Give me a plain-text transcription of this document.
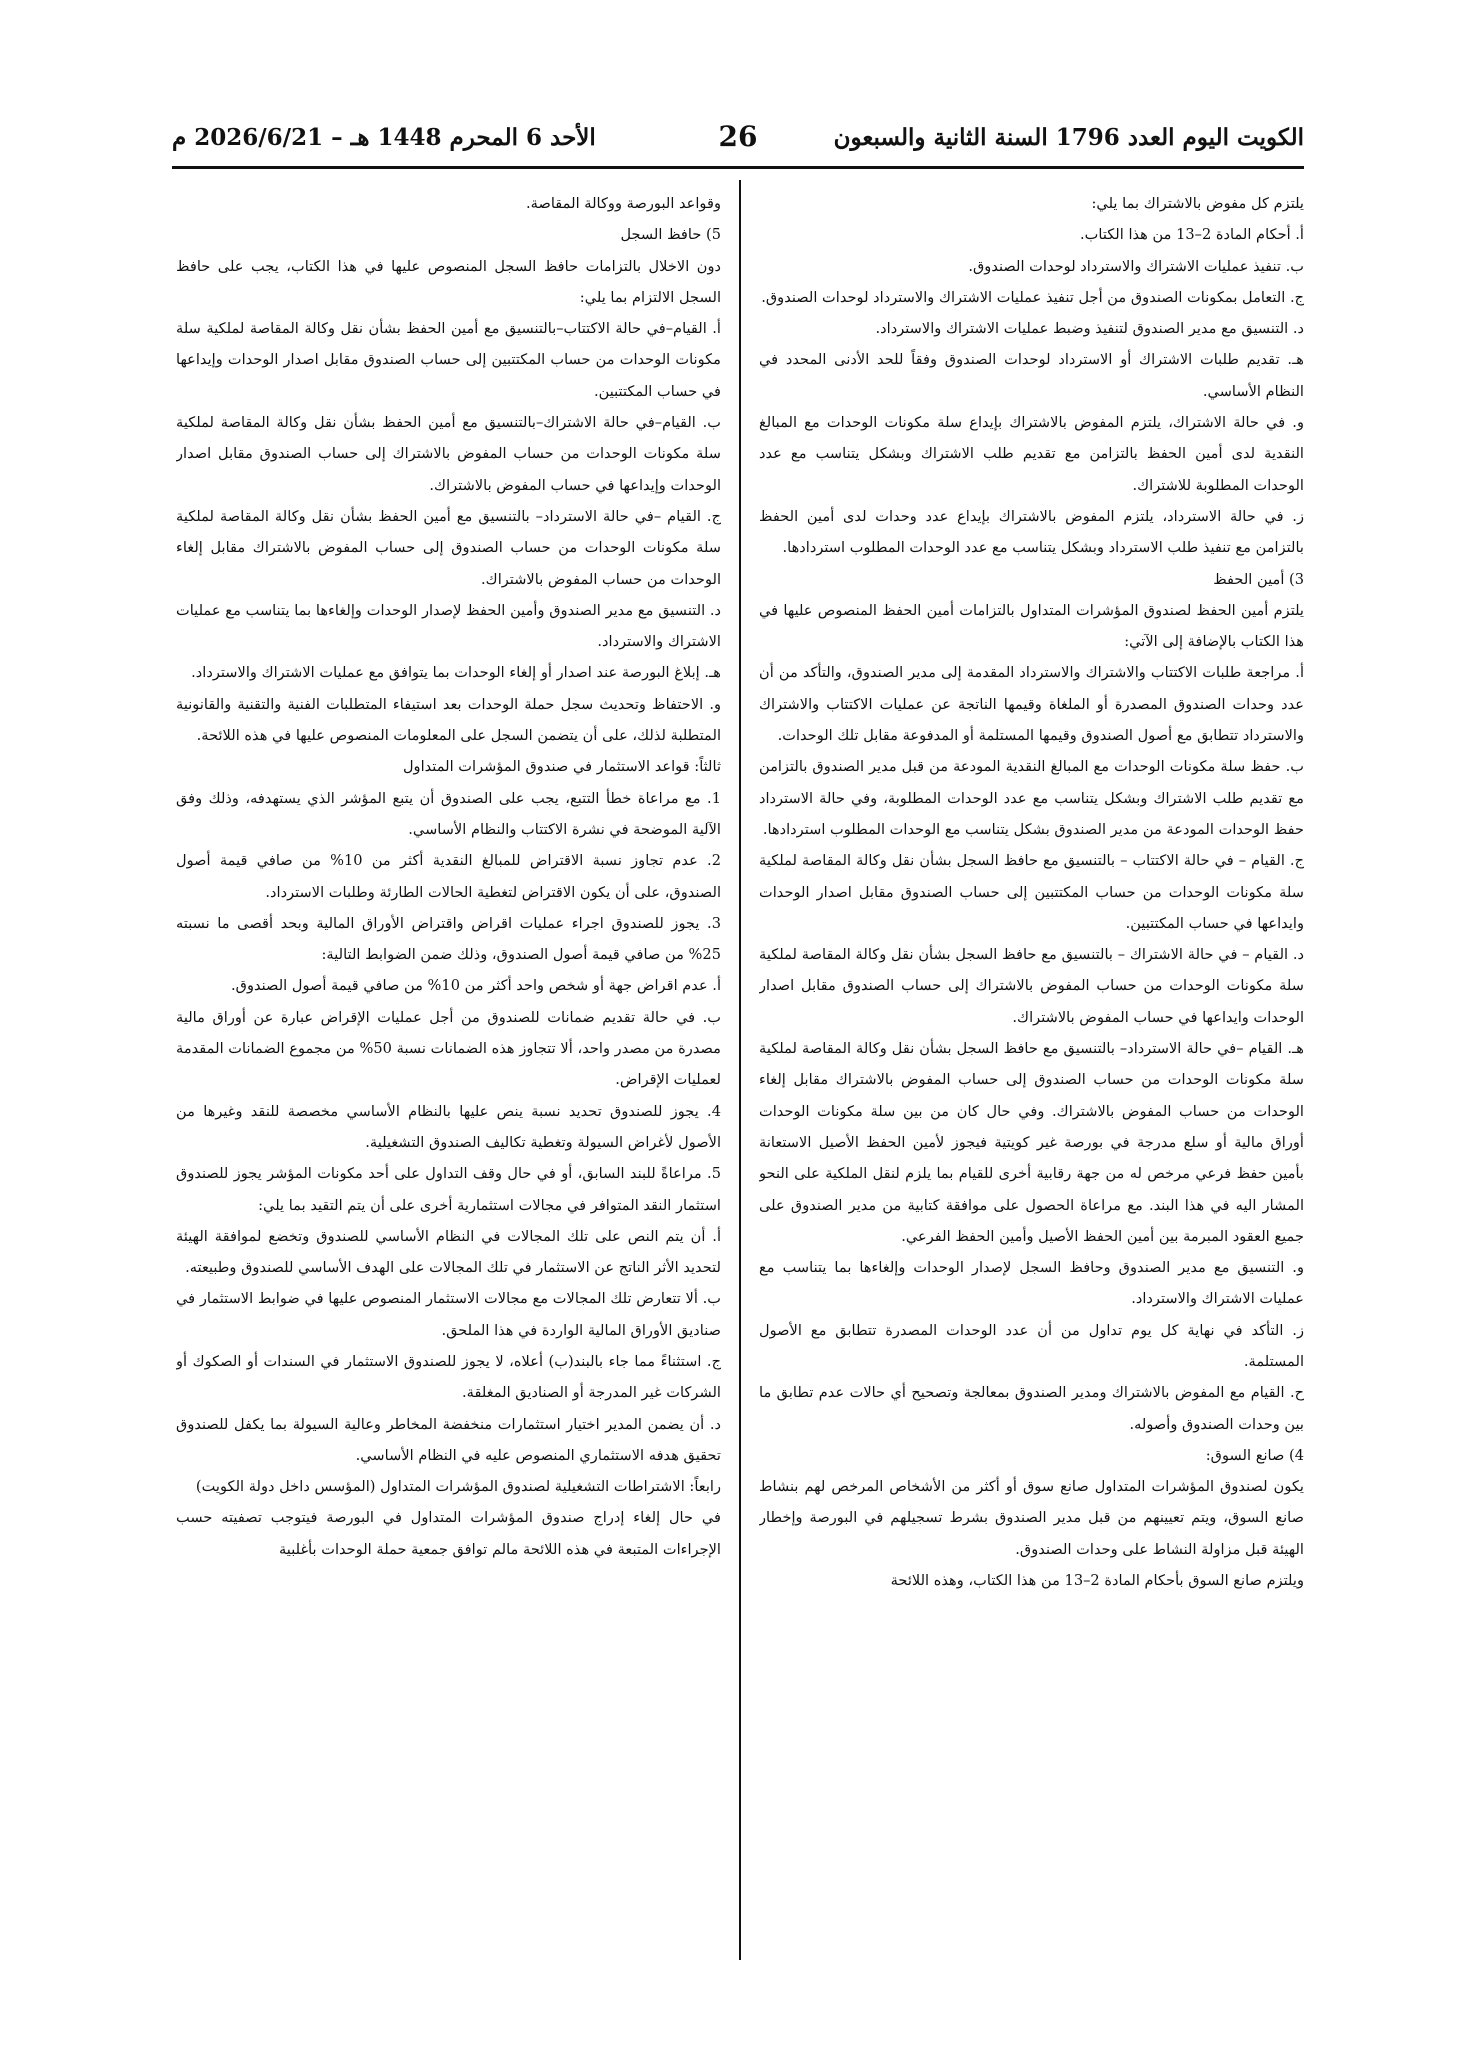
الكويت اليوم العدد 1796 السنة الثانية والسبعون
26
الأحد 6 المحرم 1448 هـ – 2026/6/21 م

يلتزم كل مفوض بالاشتراك بما يلي:

أ. أحكام المادة 2–13 من هذا الكتاب.

ب. تنفيذ عمليات الاشتراك والاسترداد لوحدات الصندوق.

ج. التعامل بمكونات الصندوق من أجل تنفيذ عمليات الاشتراك والاسترداد لوحدات الصندوق.

د. التنسيق مع مدير الصندوق لتنفيذ وضبط عمليات الاشتراك والاسترداد.

هـ. تقديم طلبات الاشتراك أو الاسترداد لوحدات الصندوق وفقاً للحد الأدنى المحدد في النظام الأساسي.

و. في حالة الاشتراك، يلتزم المفوض بالاشتراك بإيداع سلة مكونات الوحدات مع المبالغ النقدية لدى أمين الحفظ بالتزامن مع تقديم طلب الاشتراك وبشكل يتناسب مع عدد الوحدات المطلوبة للاشتراك.

ز. في حالة الاسترداد، يلتزم المفوض بالاشتراك بإيداع عدد وحدات لدى أمين الحفظ بالتزامن مع تنفيذ طلب الاسترداد وبشكل يتناسب مع عدد الوحدات المطلوب استردادها.

3) أمين الحفظ

يلتزم أمين الحفظ لصندوق المؤشرات المتداول بالتزامات أمين الحفظ المنصوص عليها في هذا الكتاب بالإضافة إلى الآتي:

أ. مراجعة طلبات الاكتتاب والاشتراك والاسترداد المقدمة إلى مدير الصندوق، والتأكد من أن عدد وحدات الصندوق المصدرة أو الملغاة وقيمها الناتجة عن عمليات الاكتتاب والاشتراك والاسترداد تتطابق مع أصول الصندوق وقيمها المستلمة أو المدفوعة مقابل تلك الوحدات.

ب. حفظ سلة مكونات الوحدات مع المبالغ النقدية المودعة من قبل مدير الصندوق بالتزامن مع تقديم طلب الاشتراك وبشكل يتناسب مع عدد الوحدات المطلوبة، وفي حالة الاسترداد حفظ الوحدات المودعة من مدير الصندوق بشكل يتناسب مع الوحدات المطلوب استردادها.

ج. القيام – في حالة الاكتتاب – بالتنسيق مع حافظ السجل بشأن نقل وكالة المقاصة لملكية سلة مكونات الوحدات من حساب المكتتبين إلى حساب الصندوق مقابل اصدار الوحدات وايداعها في حساب المكتتبين.

د. القيام – في حالة الاشتراك – بالتنسيق مع حافظ السجل بشأن نقل وكالة المقاصة لملكية سلة مكونات الوحدات من حساب المفوض بالاشتراك إلى حساب الصندوق مقابل اصدار الوحدات وايداعها في حساب المفوض بالاشتراك.

هـ. القيام –في حالة الاسترداد– بالتنسيق مع حافظ السجل بشأن نقل وكالة المقاصة لملكية سلة مكونات الوحدات من حساب الصندوق إلى حساب المفوض بالاشتراك مقابل إلغاء الوحدات من حساب المفوض بالاشتراك. وفي حال كان من بين سلة مكونات الوحدات أوراق مالية أو سلع مدرجة في بورصة غير كويتية فيجوز لأمين الحفظ الأصيل الاستعانة بأمين حفظ فرعي مرخص له من جهة رقابية أخرى للقيام بما يلزم لنقل الملكية على النحو المشار اليه في هذا البند. مع مراعاة الحصول على موافقة كتابية من مدير الصندوق على جميع العقود المبرمة بين أمين الحفظ الأصيل وأمين الحفظ الفرعي.

و. التنسيق مع مدير الصندوق وحافظ السجل لإصدار الوحدات وإلغاءها بما يتناسب مع عمليات الاشتراك والاسترداد.

ز. التأكد في نهاية كل يوم تداول من أن عدد الوحدات المصدرة تتطابق مع الأصول المستلمة.

ح. القيام مع المفوض بالاشتراك ومدير الصندوق بمعالجة وتصحيح أي حالات عدم تطابق ما بين وحدات الصندوق وأصوله.

4) صانع السوق:

يكون لصندوق المؤشرات المتداول صانع سوق أو أكثر من الأشخاص المرخص لهم بنشاط صانع السوق، ويتم تعيينهم من قبل مدير الصندوق بشرط تسجيلهم في البورصة وإخطار الهيئة قبل مزاولة النشاط على وحدات الصندوق.

ويلتزم صانع السوق بأحكام المادة 2–13 من هذا الكتاب، وهذه اللائحة

وقواعد البورصة ووكالة المقاصة.

5) حافظ السجل

دون الاخلال بالتزامات حافظ السجل المنصوص عليها في هذا الكتاب، يجب على حافظ السجل الالتزام بما يلي:

أ. القيام–في حالة الاكتتاب–بالتنسيق مع أمين الحفظ بشأن نقل وكالة المقاصة لملكية سلة مكونات الوحدات من حساب المكتتبين إلى حساب الصندوق مقابل اصدار الوحدات وإيداعها في حساب المكتتبين.

ب. القيام–في حالة الاشتراك–بالتنسيق مع أمين الحفظ بشأن نقل وكالة المقاصة لملكية سلة مكونات الوحدات من حساب المفوض بالاشتراك إلى حساب الصندوق مقابل اصدار الوحدات وإيداعها في حساب المفوض بالاشتراك.

ج. القيام –في حالة الاسترداد– بالتنسيق مع أمين الحفظ بشأن نقل وكالة المقاصة لملكية سلة مكونات الوحدات من حساب الصندوق إلى حساب المفوض بالاشتراك مقابل إلغاء الوحدات من حساب المفوض بالاشتراك.

د. التنسيق مع مدير الصندوق وأمين الحفظ لإصدار الوحدات وإلغاءها بما يتناسب مع عمليات الاشتراك والاسترداد.

هـ. إبلاغ البورصة عند اصدار أو إلغاء الوحدات بما يتوافق مع عمليات الاشتراك والاسترداد.

و. الاحتفاظ وتحديث سجل حملة الوحدات بعد استيفاء المتطلبات الفنية والتقنية والقانونية المتطلبة لذلك، على أن يتضمن السجل على المعلومات المنصوص عليها في هذه اللائحة.

ثالثاً: قواعد الاستثمار في صندوق المؤشرات المتداول

1. مع مراعاة خطأ التتبع، يجب على الصندوق أن يتبع المؤشر الذي يستهدفه، وذلك وفق الآلية الموضحة في نشرة الاكتتاب والنظام الأساسي.

2. عدم تجاوز نسبة الاقتراض للمبالغ النقدية أكثر من 10% من صافي قيمة أصول الصندوق، على أن يكون الاقتراض لتغطية الحالات الطارئة وطلبات الاسترداد.

3. يجوز للصندوق اجراء عمليات اقراض واقتراض الأوراق المالية وبحد أقصى ما نسبته 25% من صافي قيمة أصول الصندوق، وذلك ضمن الضوابط التالية:

أ. عدم اقراض جهة أو شخص واحد أكثر من 10% من صافي قيمة أصول الصندوق.

ب. في حالة تقديم ضمانات للصندوق من أجل عمليات الإقراض عبارة عن أوراق مالية مصدرة من مصدر واحد، ألا تتجاوز هذه الضمانات نسبة 50% من مجموع الضمانات المقدمة لعمليات الإقراض.

4. يجوز للصندوق تحديد نسبة ينص عليها بالنظام الأساسي مخصصة للنقد وغيرها من الأصول لأغراض السيولة وتغطية تكاليف الصندوق التشغيلية.

5. مراعاةً للبند السابق، أو في حال وقف التداول على أحد مكونات المؤشر يجوز للصندوق استثمار النقد المتوافر في مجالات استثمارية أخرى على أن يتم التقيد بما يلي:

أ. أن يتم النص على تلك المجالات في النظام الأساسي للصندوق وتخضع لموافقة الهيئة لتحديد الأثر الناتج عن الاستثمار في تلك المجالات على الهدف الأساسي للصندوق وطبيعته.

ب. ألا تتعارض تلك المجالات مع مجالات الاستثمار المنصوص عليها في ضوابط الاستثمار في صناديق الأوراق المالية الواردة في هذا الملحق.

ج. استثناءً مما جاء بالبند(ب) أعلاه، لا يجوز للصندوق الاستثمار في السندات أو الصكوك أو الشركات غير المدرجة أو الصناديق المغلقة.

د. أن يضمن المدير اختيار استثمارات منخفضة المخاطر وعالية السيولة بما يكفل للصندوق تحقيق هدفه الاستثماري المنصوص عليه في النظام الأساسي.

رابعاً: الاشتراطات التشغيلية لصندوق المؤشرات المتداول (المؤسس داخل دولة الكويت)

في حال إلغاء إدراج صندوق المؤشرات المتداول في البورصة فيتوجب تصفيته حسب الإجراءات المتبعة في هذه اللائحة مالم توافق جمعية حملة الوحدات بأغلبية
